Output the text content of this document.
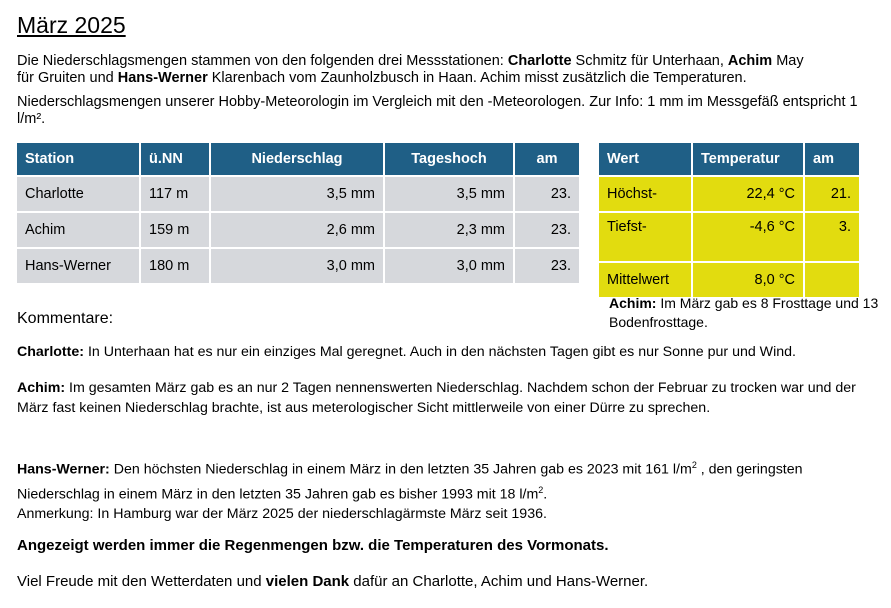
März 2025
Die Niederschlagsmengen stammen von den folgenden drei Messstationen: Charlotte Schmitz für Unterhaan, Achim May
für Gruiten und Hans-Werner Klarenbach vom Zaunholzbusch in Haan. Achim misst zusätzlich die Temperaturen.
Niederschlagsmengen unserer Hobby-Meteorologin im Vergleich mit den -Meteorologen. Zur Info: 1 mm im Messgefäß entspricht 1 l/m².
Station	ü.NN	Niederschlag	Tageshoch	am
Charlotte	117 m	3,5 mm	3,5 mm	23.
Achim	159 m	2,6 mm	2,3 mm	23.
Hans-Werner	180 m	3,0 mm	3,0 mm	23.
Wert	Temperatur	am
Höchst-	22,4 °C	21.
Tiefst-	-4,6 °C	3.
Mittelwert	8,0 °C	
Achim: Im März gab es 8 Frosttage und 13 Bodenfrosttage.
Kommentare:
Charlotte: In Unterhaan hat es nur ein einziges Mal geregnet. Auch in den nächsten Tagen gibt es nur Sonne pur und Wind.
Achim: Im gesamten März gab es an nur 2 Tagen nennenswerten Niederschlag. Nachdem schon der Februar zu trocken war und der März fast keinen Niederschlag brachte, ist aus meterologischer Sicht mittlerweile von einer Dürre zu sprechen.
Hans-Werner: Den höchsten Niederschlag in einem März in den letzten 35 Jahren gab es 2023 mit 161 $l/m^2$ , den geringsten Niederschlag in einem März in den letzten 35 Jahren gab es bisher 1993 mit 18 $l/m^2$.
Anmerkung: In Hamburg war der März 2025 der niederschlagärmste März seit 1936.
Angezeigt werden immer die Regenmengen bzw. die Temperaturen des Vormonats.
Viel Freude mit den Wetterdaten und vielen Dank dafür an Charlotte, Achim und Hans-Werner.
